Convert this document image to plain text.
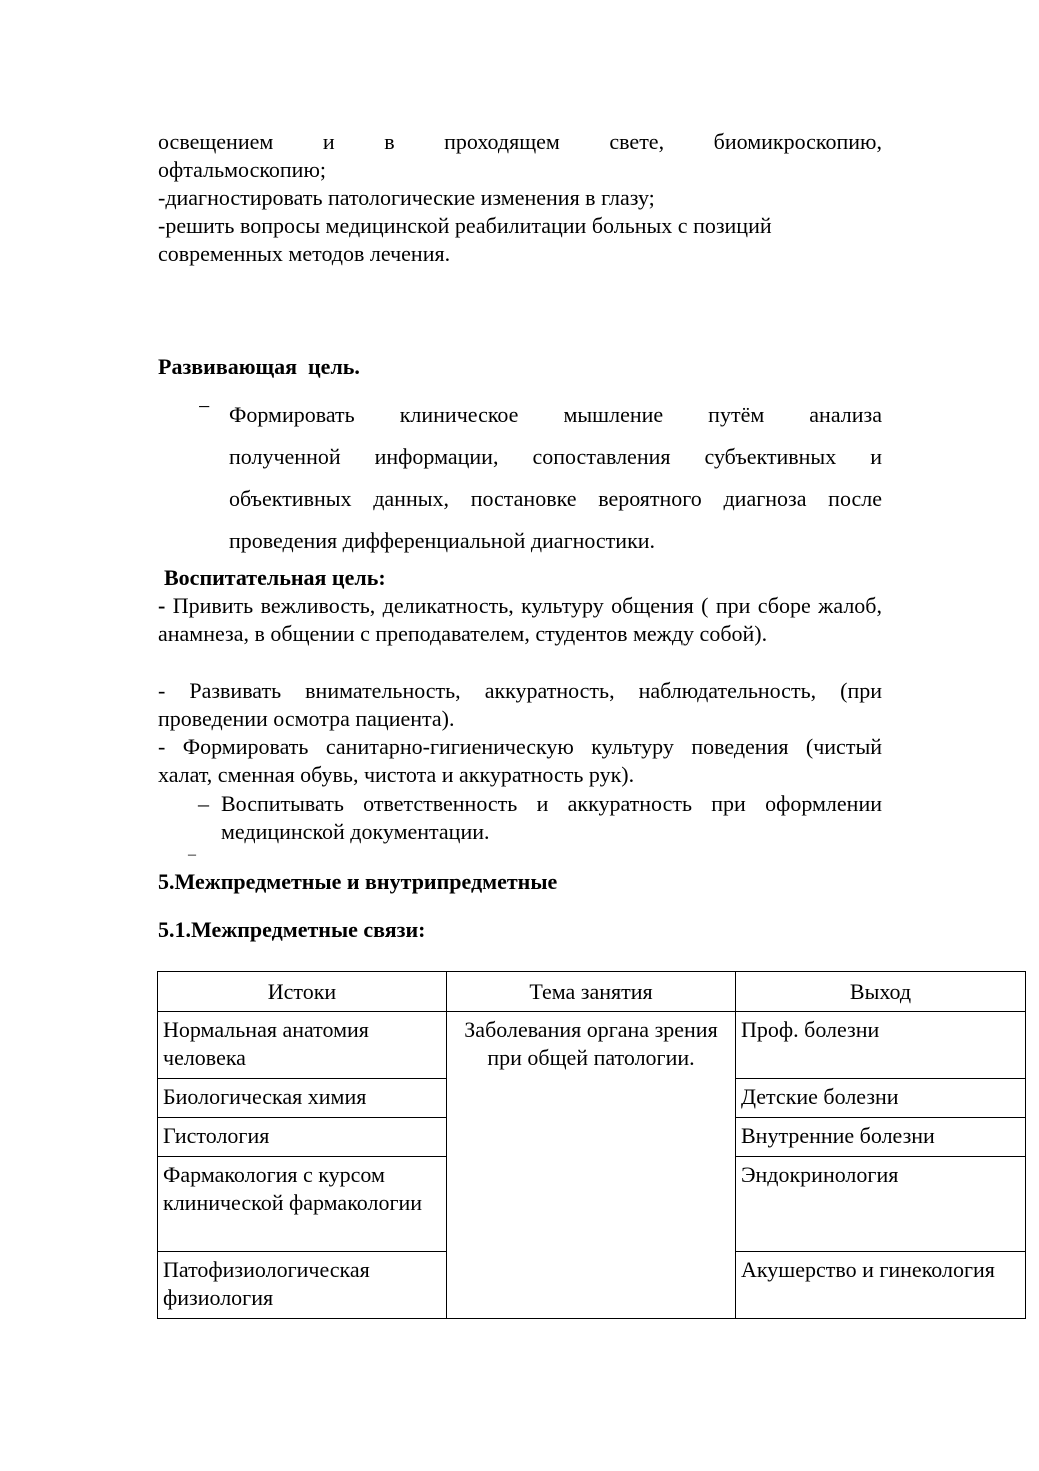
освещением и в проходящем свете, биомикроскопию,
офтальмоскопию;
-диагностировать патологические изменения в глазу;
-решить вопросы медицинской реабилитации больных с позиций
современных методов лечения.
Развивающая  цель.
− Формировать клиническое мышление путём анализа
полученной информации, сопоставления субъективных и
объективных данных, постановке вероятного диагноза после
проведения дифференциальной диагностики.
Воспитательная цель:
- Привить вежливость, деликатность, культуру общения ( при сборе жалоб, анамнеза, в общении с преподавателем, студентов между собой).
- Развивать внимательность, аккуратность, наблюдательность, (при проведении осмотра пациента).
- Формировать санитарно-гигиеническую культуру поведения (чистый халат, сменная обувь, чистота и аккуратность рук).
– Воспитывать ответственность и аккуратность при оформлении медицинской документации.
–
5.Межпредметные и внутрипредметные
5.1.Межпредметные связи:
Истоки	Тема занятия	Выход
Нормальная анатомия человека	Заболевания органа зрения при общей патологии.	Проф. болезни
Биологическая химия		Детские болезни
Гистология		Внутренние болезни
Фармакология с курсом клинической фармакологии		Эндокринология
Патофизиологическая физиология		Акушерство и гинекология
